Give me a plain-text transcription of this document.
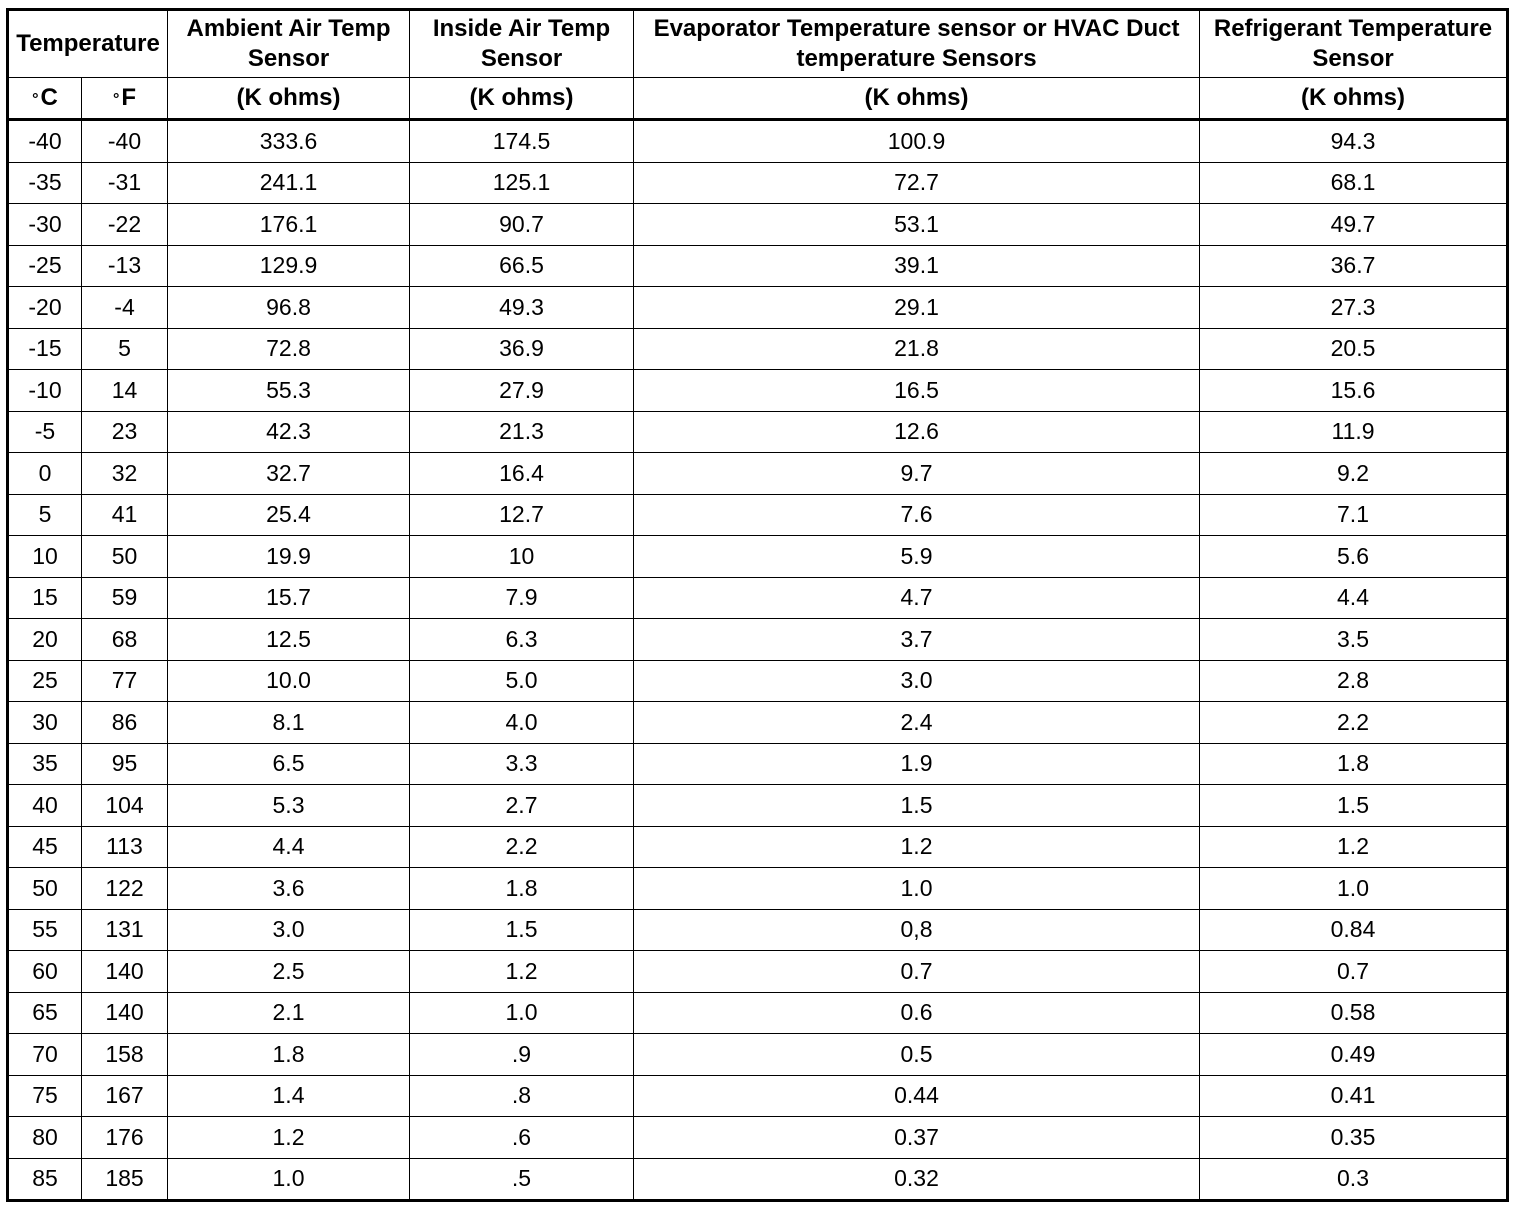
Temperature		Ambient Air Temp Sensor	Inside Air Temp Sensor	Evaporator Temperature sensor or HVAC Duct temperature Sensors	Refrigerant Temperature Sensor
°C	°F	(K ohms)	(K ohms)	(K ohms)	(K ohms)
-40	-40	333.6	174.5	100.9	94.3
-35	-31	241.1	125.1	72.7	68.1
-30	-22	176.1	90.7	53.1	49.7
-25	-13	129.9	66.5	39.1	36.7
-20	-4	96.8	49.3	29.1	27.3
-15	5	72.8	36.9	21.8	20.5
-10	14	55.3	27.9	16.5	15.6
-5	23	42.3	21.3	12.6	11.9
0	32	32.7	16.4	9.7	9.2
5	41	25.4	12.7	7.6	7.1
10	50	19.9	10	5.9	5.6
15	59	15.7	7.9	4.7	4.4
20	68	12.5	6.3	3.7	3.5
25	77	10.0	5.0	3.0	2.8
30	86	8.1	4.0	2.4	2.2
35	95	6.5	3.3	1.9	1.8
40	104	5.3	2.7	1.5	1.5
45	113	4.4	2.2	1.2	1.2
50	122	3.6	1.8	1.0	1.0
55	131	3.0	1.5	0,8	0.84
60	140	2.5	1.2	0.7	0.7
65	140	2.1	1.0	0.6	0.58
70	158	1.8	.9	0.5	0.49
75	167	1.4	.8	0.44	0.41
80	176	1.2	.6	0.37	0.35
85	185	1.0	.5	0.32	0.3
